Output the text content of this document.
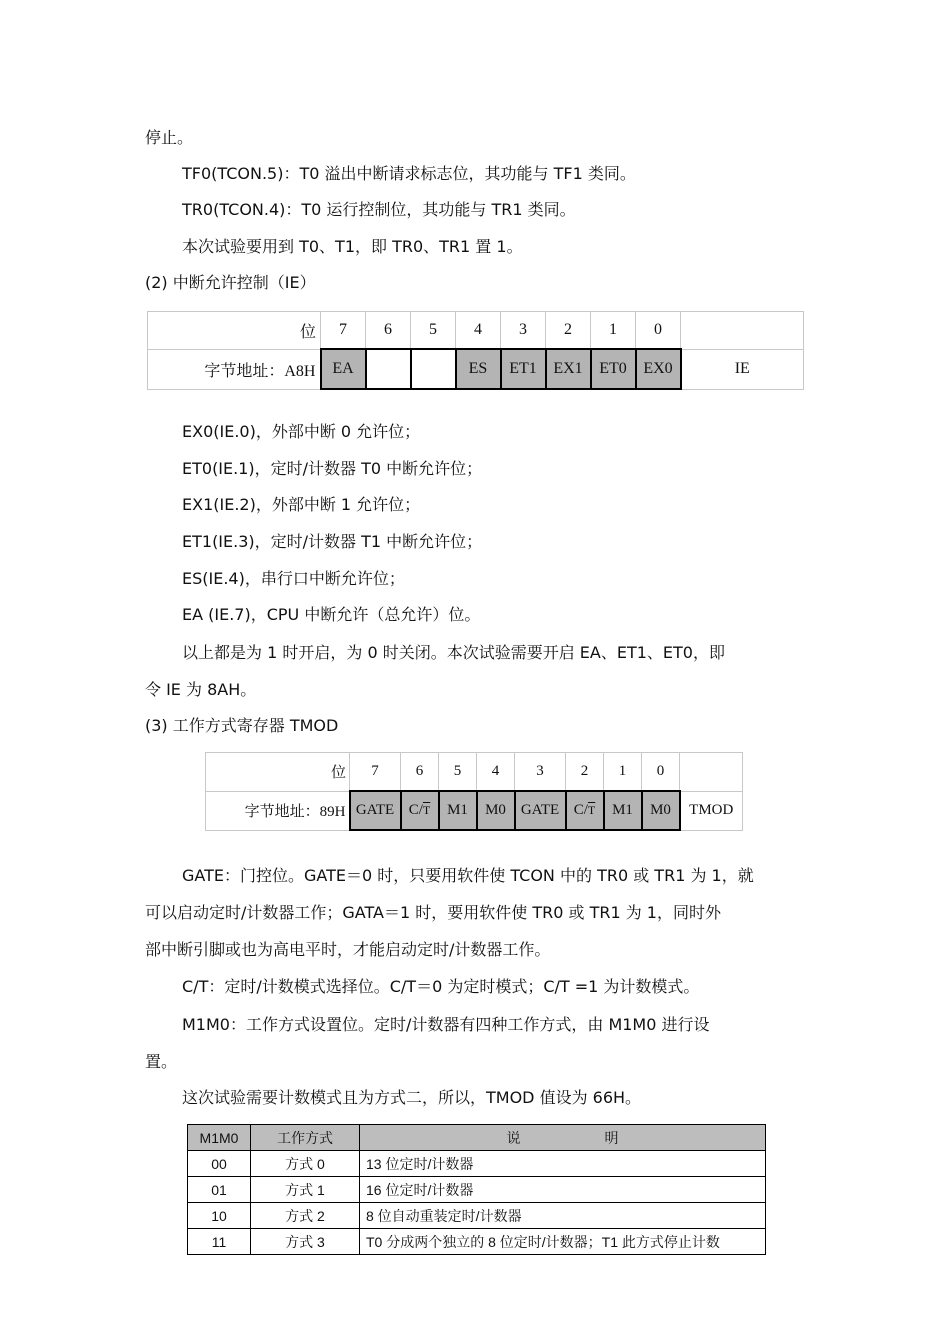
停止。
TF0(TCON.5)：T0 溢出中断请求标志位，其功能与 TF1 类同。
TR0(TCON.4)：T0 运行控制位，其功能与 TR1 类同。
本次试验要用到 T0、T1，即 TR0、TR1 置 1。
(2) 中断允许控制（IE）
位	7	6	5	4	3	2	1	0	
字节地址：A8H	EA			ES	ET1	EX1	ET0	EX0	IE
EX0(IE.0)，外部中断 0 允许位；
ET0(IE.1)，定时/计数器 T0 中断允许位；
EX1(IE.2)，外部中断 1 允许位；
ET1(IE.3)，定时/计数器 T1 中断允许位；
ES(IE.4)，串行口中断允许位；
EA (IE.7)，CPU 中断允许（总允许）位。
以上都是为 1 时开启，为 0 时关闭。本次试验需要开启 EA、ET1、ET0，即
令 IE 为 8AH。
(3) 工作方式寄存器 TMOD
位	7	6	5	4	3	2	1	0	
字节地址：89H	GATE	$C/\overline{T}$	M1	M0	GATE	$C/\overline{T}$	M1	M0	TMOD
GATE：门控位。GATE＝0 时，只要用软件使 TCON 中的 TR0 或 TR1 为 1，就
可以启动定时/计数器工作；GATA＝1 时，要用软件使 TR0 或 TR1 为 1，同时外
部中断引脚或也为高电平时，才能启动定时/计数器工作。
C/T：定时/计数模式选择位。C/T＝0 为定时模式；C/T =1 为计数模式。
M1M0：工作方式设置位。定时/计数器有四种工作方式，由 M1M0 进行设
置。
这次试验需要计数模式且为方式二，所以，TMOD 值设为 66H。
M1M0	工作方式	说　　　　　　明
00	方式 0	13 位定时/计数器
01	方式 1	16 位定时/计数器
10	方式 2	8 位自动重装定时/计数器
11	方式 3	T0 分成两个独立的 8 位定时/计数器；T1 此方式停止计数
